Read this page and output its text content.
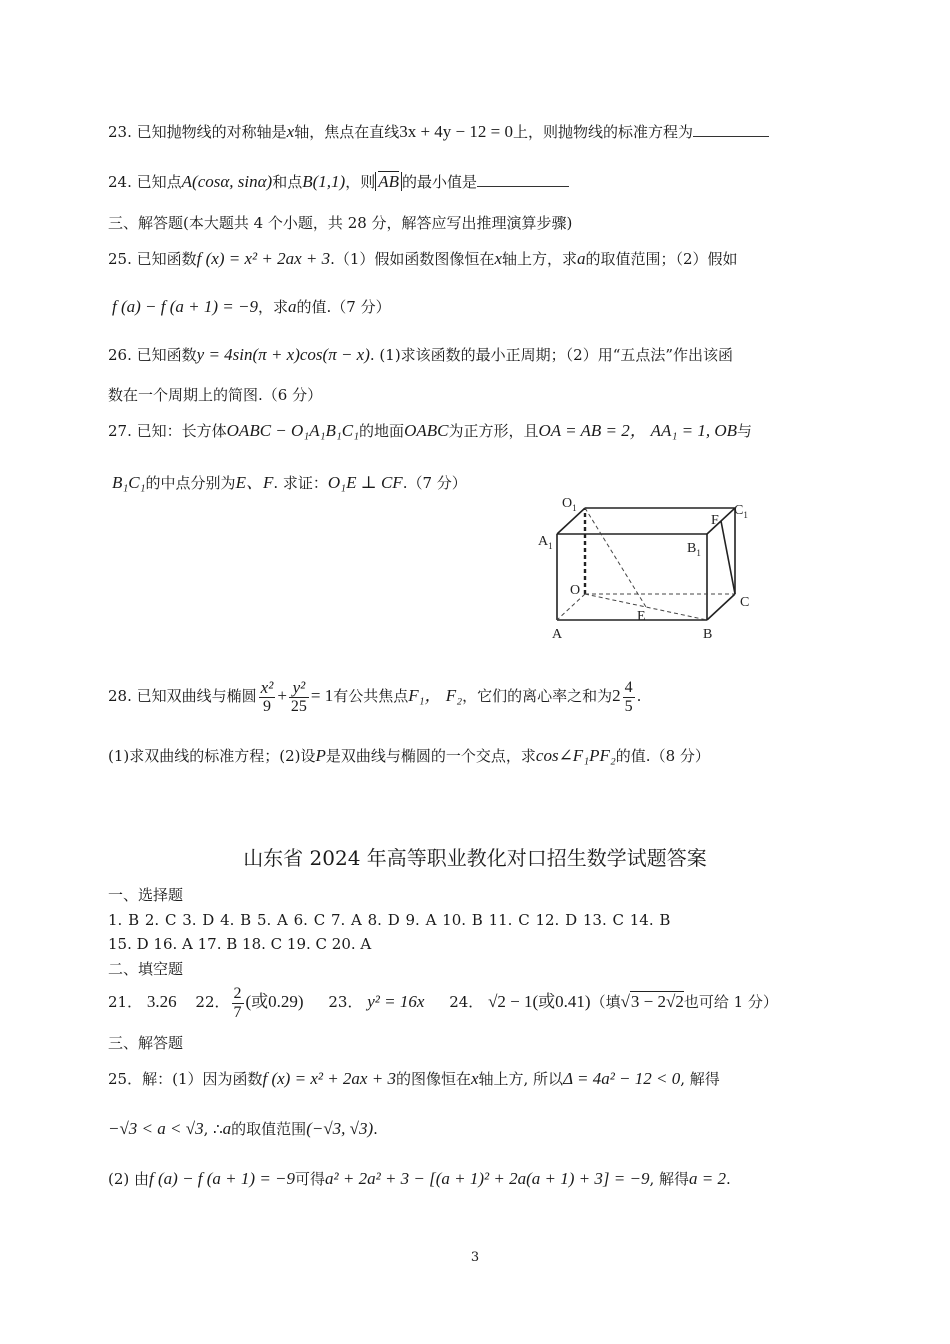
23. 已知抛物线的对称轴是x轴，焦点在直线3x + 4y − 12 = 0上，则抛物线的标准方程为
24. 已知点A(cosα, sinα)和点B(1,1)，则 AB 的最小值是
三、解答题(本大题共 4 个小题，共 28 分，解答应写出推理演算步骤)
25. 已知函数f (x) = x² + 2ax + 3.（1）假如函数图像恒在x轴上方，求a的取值范围；（2）假如
f (a) − f (a + 1) = −9，求a的值.（7 分）
26. 已知函数y = 4sin(π + x)cos(π − x). (1)求该函数的最小正周期；（2）用“五点法”作出该函
数在一个周期上的简图.（6 分）
27. 已知：长方体OABC − O₁A₁B₁C₁的地面OABC为正方形，且OA = AB = 2， AA₁ = 1, OB与
B₁C₁的中点分别为E、F. 求证：O₁E ⊥ CF.（7 分）
$O_1$	$C_1$
F
$A_1$	$B_1$
O
C
E
A	B
28. 已知双曲线与椭圆 $\frac{\text{x²}}{9} + \frac{\text{y²}}{25} = 1$有公共焦点F₁， F₂，它们的离心率之和为$2 \frac{4}{5}$ .
(1)求双曲线的标准方程；(2)设P是双曲线与椭圆的一个交点，求cos∠F₁PF₂的值.（8 分）
山东省 2024 年高等职业教化对口招生数学试题答案
一、选择题
1. B 2. C 3. D 4. B 5. A 6. C 7. A 8. D 9. A 10. B 11. C 12. D 13. C 14. B
15. D 16. A 17. B 18. C 19. C 20. A
二、填空题
21． 3.26 22． $\frac{2}{7}$ (或0.29) 23． y² = 16x 24． √2 − 1(或0.41)（填√3 − 2√2也可给 1 分）
三、解答题
25．解：(1）因为函数f (x) = x² + 2ax + 3的图像恒在x轴上方, 所以Δ = 4a² − 12 < 0, 解得
−√3 < a < √3, ∴a的取值范围(−√3, √3).
(2) 由f (a) − f (a + 1) = −9可得a² + 2a² + 3 − [(a + 1)² + 2a(a + 1) + 3] = −9, 解得a = 2.
3
